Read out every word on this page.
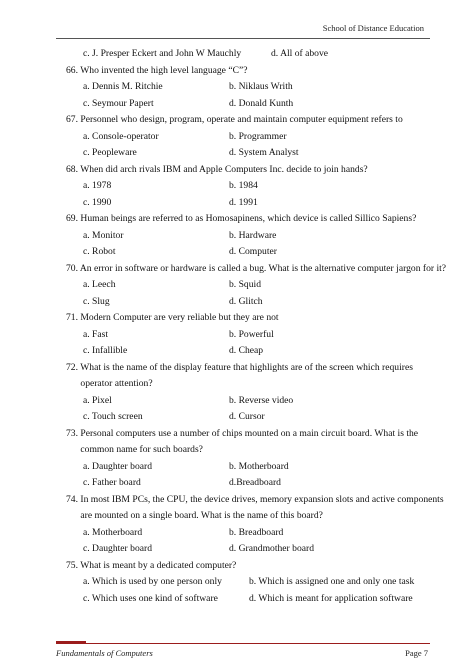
School of Distance Education
c. J. Presper Eckert and John W Mauchly	d. All of above
66. Who invented the high level language “C”?
a. Dennis M. Ritchie	b. Niklaus Writh
c. Seymour Papert	d. Donald Kunth
67. Personnel who design, program, operate and maintain computer equipment refers to
a. Console-operator	b. Programmer
c. Peopleware	d. System Analyst
68. When did arch rivals IBM and Apple Computers Inc. decide to join hands?
a. 1978	b. 1984
c. 1990	d. 1991
69. Human beings are referred to as Homosapinens, which device is called Sillico Sapiens?
a. Monitor	b. Hardware
c. Robot	d. Computer
70. An error in software or hardware is called a bug. What is the alternative computer jargon for it?
a. Leech	b. Squid
c. Slug	d. Glitch
71. Modern Computer are very reliable but they are not
a. Fast	b. Powerful
c. Infallible	d. Cheap
72. What is the name of the display feature that highlights are of the screen which requires
operator attention?
a. Pixel	b. Reverse video
c. Touch screen	d. Cursor
73. Personal computers use a number of chips mounted on a main circuit board. What is the
common name for such boards?
a. Daughter board	b. Motherboard
c. Father board	d.Breadboard
74. In most IBM PCs, the CPU, the device drives, memory expansion slots and active components
are mounted on a single board. What is the name of this board?
a. Motherboard	b. Breadboard
c. Daughter board	d. Grandmother board
75. What is meant by a dedicated computer?
a. Which is used by one person only	b. Which is assigned one and only one task
c. Which uses one kind of software	d. Which is meant for application software
Fundamentals of Computers	Page 7
